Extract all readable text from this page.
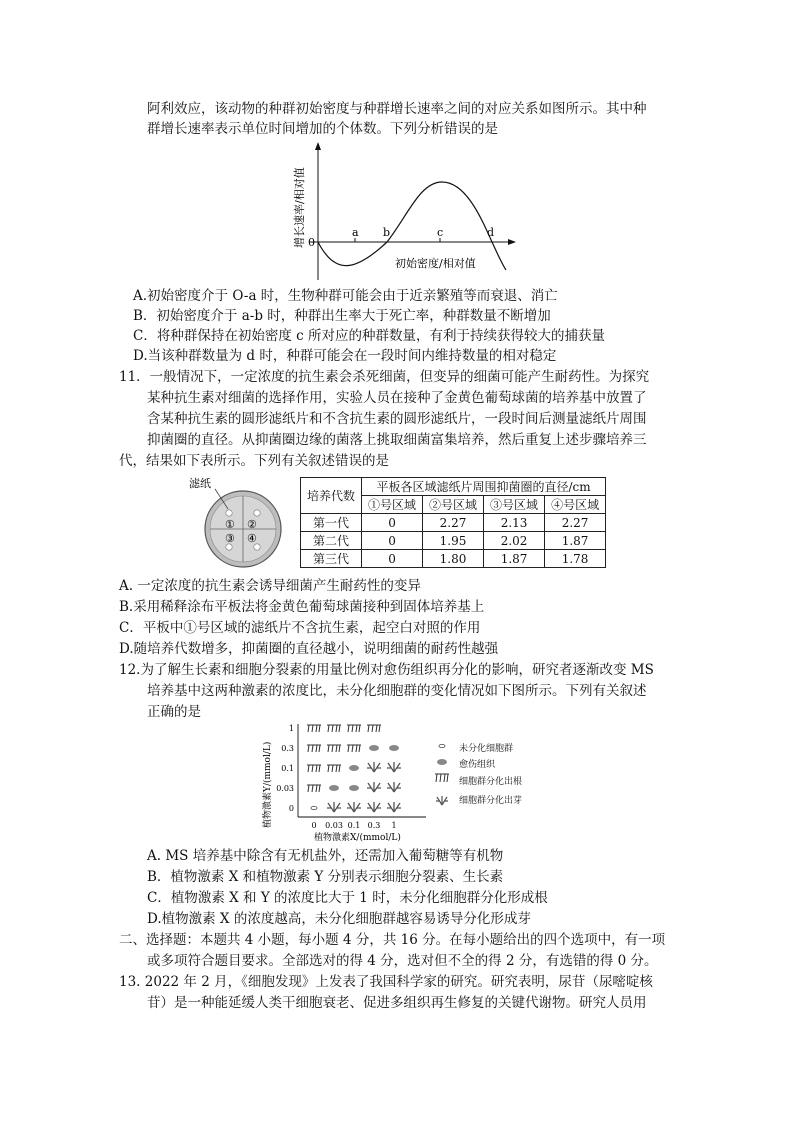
阿利效应，该动物的种群初始密度与种群增长速率之间的对应关系如图所示。其中种
群增长速率表示单位时间增加的个体数。下列分析错误的是
0
a b	c	d
初始密度/相对值
增长速率/相对值
A.初始密度介于 O-a 时，生物种群可能会由于近亲繁殖等而衰退、消亡
B．初始密度介于 a-b 时，种群出生率大于死亡率，种群数量不断增加
C．将种群保持在初始密度 c 所对应的种群数量，有利于持续获得较大的捕获量
D.当该种群数量为 d 时，种群可能会在一段时间内维持数量的相对稳定
11．一般情况下，一定浓度的抗生素会杀死细菌，但变异的细菌可能产生耐药性。为探究
某种抗生素对细菌的选择作用，实验人员在接种了金黄色葡萄球菌的培养基中放置了
含某种抗生素的圆形滤纸片和不含抗生素的圆形滤纸片，一段时间后测量滤纸片周围
抑菌圈的直径。从抑菌圈边缘的菌落上挑取细菌富集培养，然后重复上述步骤培养三
代，结果如下表所示。下列有关叙述错误的是
滤纸
① ②
③ ④
培养代数	平板各区域滤纸片周围抑菌圈的直径/cm			
	①号区域	②号区域	③号区域	④号区域
第一代	0	2.27	2.13	2.27
第二代	0	1.95	2.02	1.87
第三代	0	1.80	1.87	1.78
A. 一定浓度的抗生素会诱导细菌产生耐药性的变异
B.采用稀释涂布平板法将金黄色葡萄球菌接种到固体培养基上
C．平板中①号区域的滤纸片不含抗生素，起空白对照的作用
D.随培养代数增多，抑菌圈的直径越小，说明细菌的耐药性越强
12.为了解生长素和细胞分裂素的用量比例对愈伤组织再分化的影响，研究者逐渐改变 MS
培养基中这两种激素的浓度比，未分化细胞群的变化情况如下图所示。下列有关叙述
正确的是
1
0.3
0.1
0.03
0
0 0.03 0.1 0.3 1
植物激素X/(mmol/L)
植物激素Y/(mmol/L)	未分化细胞群
愈伤组织
细胞群分化出根
细胞群分化出芽
A. MS 培养基中除含有无机盐外，还需加入葡萄糖等有机物
B．植物激素 X 和植物激素 Y 分别表示细胞分裂素、生长素
C．植物激素 X 和 Y 的浓度比大于 1 时，未分化细胞群分化形成根
D.植物激素 X 的浓度越高，未分化细胞群越容易诱导分化形成芽
二、选择题：本题共 4 小题，每小题 4 分，共 16 分。在每小题给出的四个选项中，有一项
或多项符合题目要求。全部选对的得 4 分，选对但不全的得 2 分，有选错的得 0 分。
13. 2022 年 2 月，《细胞发现》上发表了我国科学家的研究。研究表明，尿苷（尿嘧啶核
苷）是一种能延缓人类干细胞衰老、促进多组织再生修复的关键代谢物。研究人员用
